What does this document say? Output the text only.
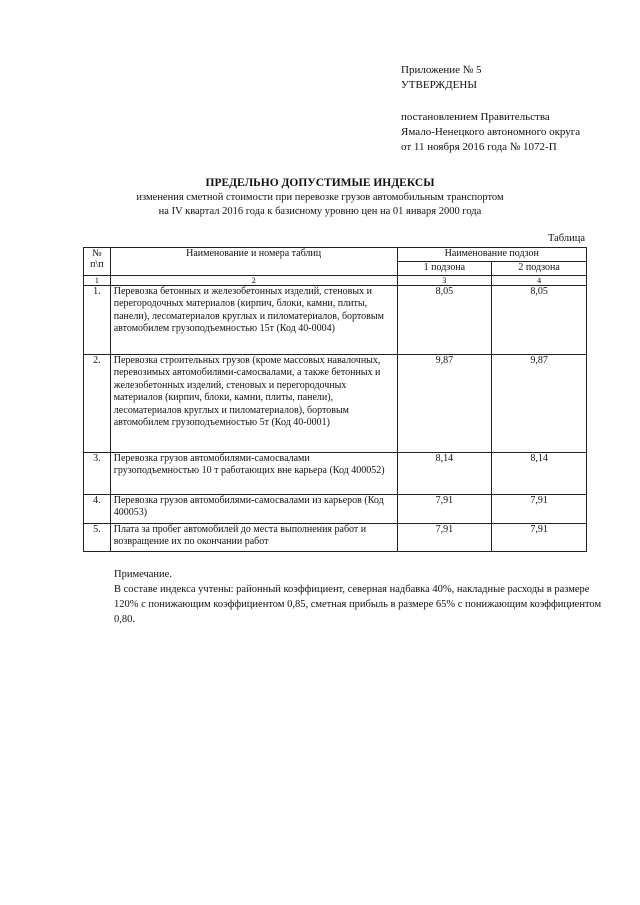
Приложение № 5
УТВЕРЖДЕНЫ
постановлением Правительства
Ямало-Ненецкого автономного округа
от 11 ноября 2016 года № 1072-П
ПРЕДЕЛЬНО ДОПУСТИМЫЕ ИНДЕКСЫ
изменения сметной стоимости при перевозке грузов автомобильным транспортом
на IV квартал 2016 года к базисному уровню цен на 01 января 2000 года
Таблица
№ п\п	Наименование и номера таблиц	Наименование подзон	
		1 подзона	2 подзона
1	2	3	4
1.	Перевозка бетонных и железобетонных изделий, стеновых и перегородочных материалов (кирпич, блоки, камни, плиты, панели), лесоматериалов круглых и пиломатериалов, бортовым автомобилем грузоподъемностью 15т (Код 40-0004)	8,05	8,05
2.	Перевозка строительных грузов (кроме массовых навалочных, перевозимых автомобилями-самосвалами, а также бетонных и железобетонных изделий, стеновых и перегородочных материалов (кирпич, блоки, камни, плиты, панели), лесоматериалов круглых и пиломатериалов), бортовым автомобилем грузоподъемностью 5т (Код 40-0001)	9,87	9,87
3.	Перевозка грузов автомобилями-самосвалами грузоподъемностью 10 т работающих вне карьера (Код 400052)	8,14	8,14
4.	Перевозка грузов автомобилями-самосвалами из карьеров (Код 400053)	7,91	7,91
5.	Плата за пробег автомобилей до места выполнения работ и возвращение их по окончании работ	7,91	7,91
Примечание.
В составе индекса учтены: районный коэффициент, северная надбавка 40%, накладные расходы в размере 120% с понижающим коэффициентом 0,85, сметная прибыль в размере 65% с понижающим коэффициентом 0,80.
